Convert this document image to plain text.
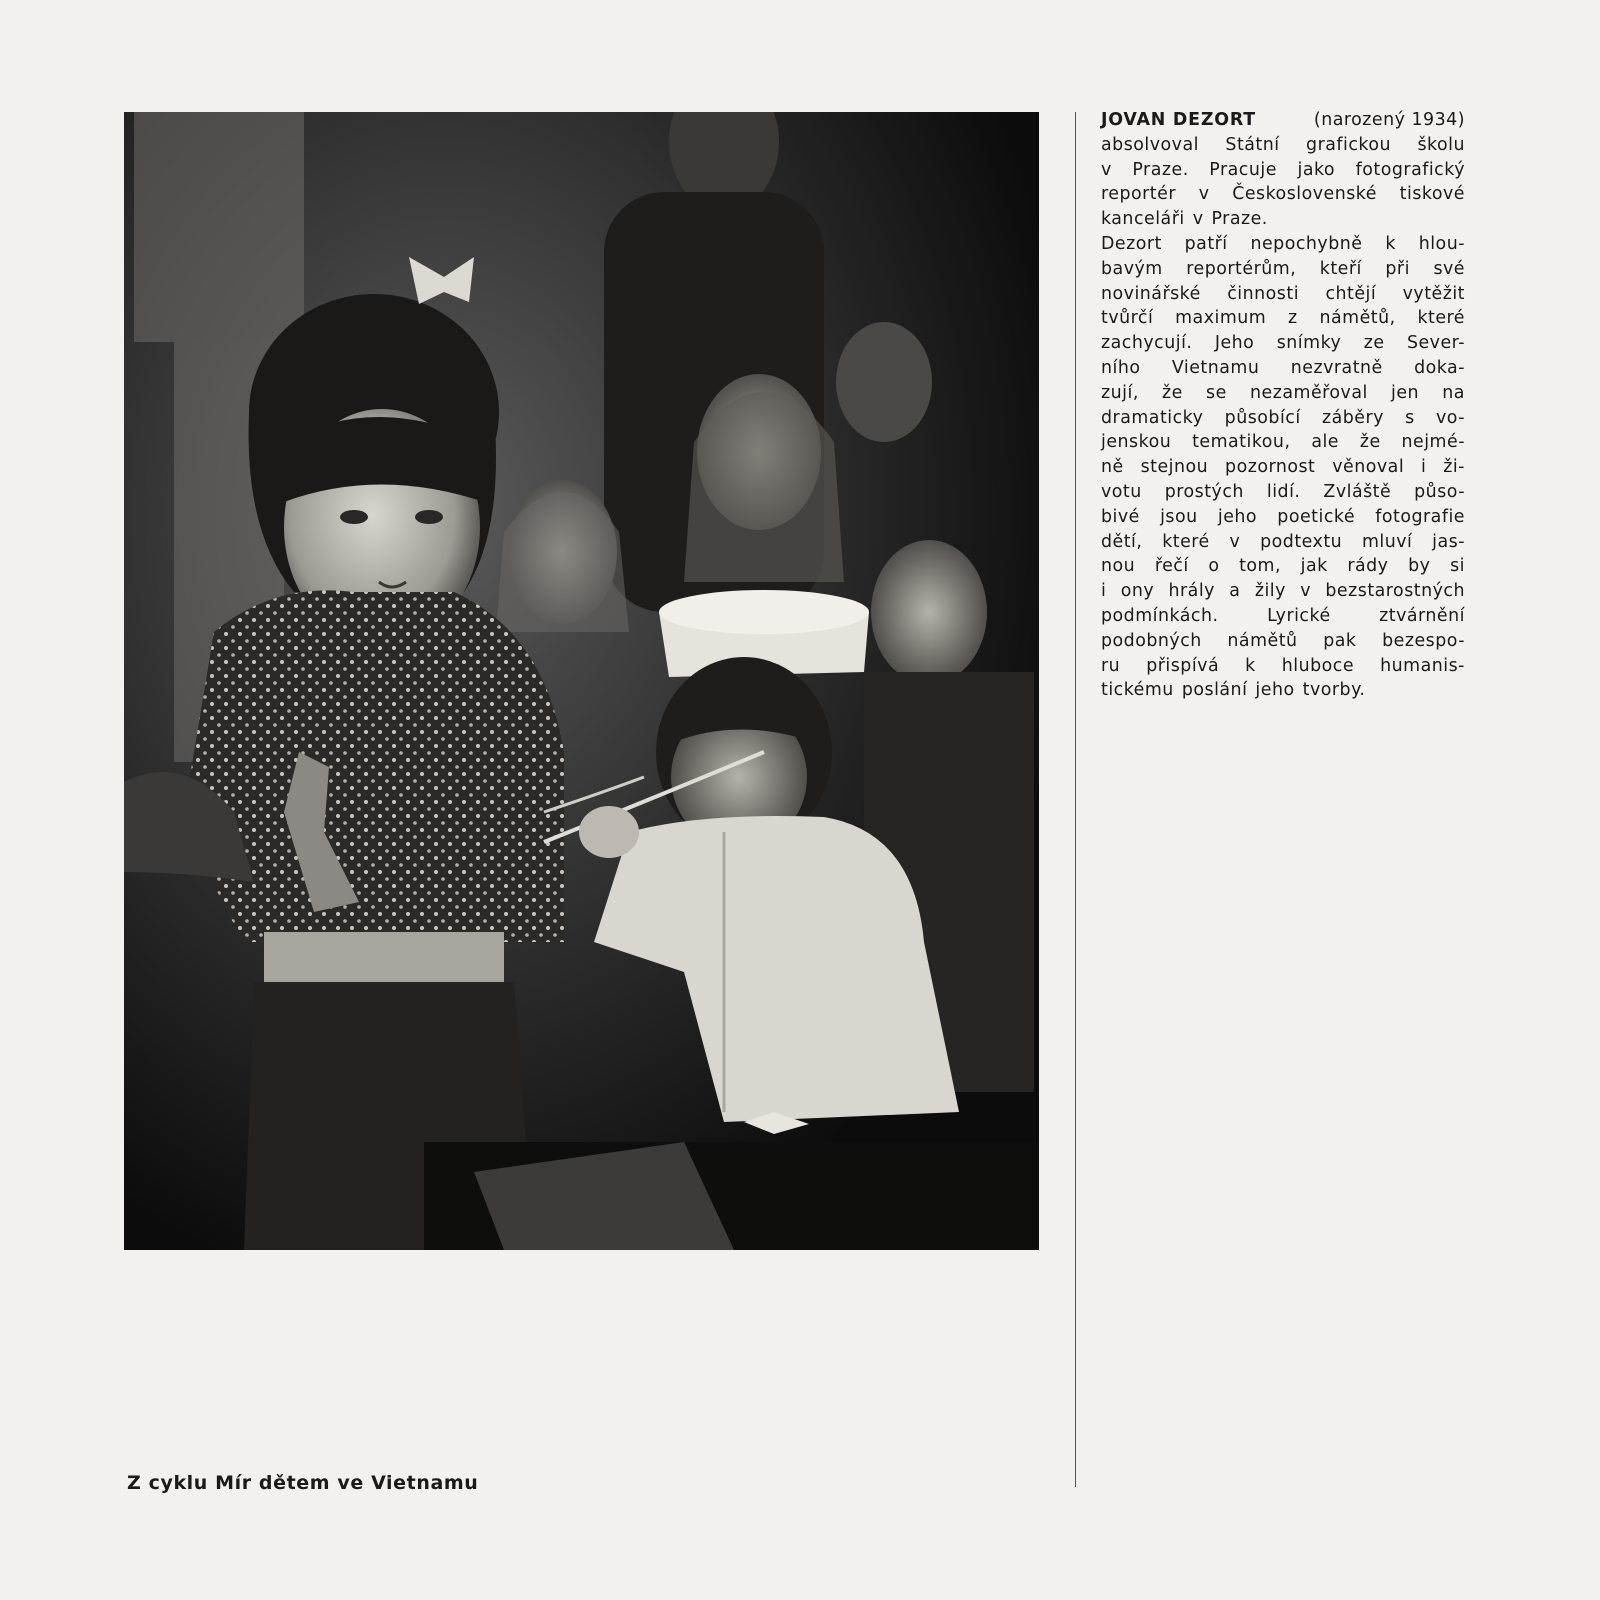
JOVAN DEZORT	(narozený 1934)
absolvoval Státní grafickou školu
v Praze. Pracuje jako fotografický
reportér v Československé tiskové
kanceláři v Praze.
Dezort patří nepochybně k hlou-
bavým reportérům, kteří při své
novinářské činnosti chtějí vytěžit
tvůrčí maximum z námětů, které
zachycují. Jeho snímky ze Sever-
ního Vietnamu nezvratně doka-
zují, že se nezaměřoval jen na
dramaticky působící záběry s vo-
jenskou tematikou, ale že nejmé-
ně stejnou pozornost věnoval i ži-
votu prostých lidí. Zvláště půso-
bivé jsou jeho poetické fotografie
dětí, které v podtextu mluví jas-
nou řečí o tom, jak rády by si
i ony hrály a žily v bezstarostných
podmínkách.	Lyrické	ztvárnění
podobných námětů pak bezespo-
ru přispívá k hluboce humanis-
tickému poslání jeho tvorby.
Z cyklu Mír dětem ve Vietnamu
